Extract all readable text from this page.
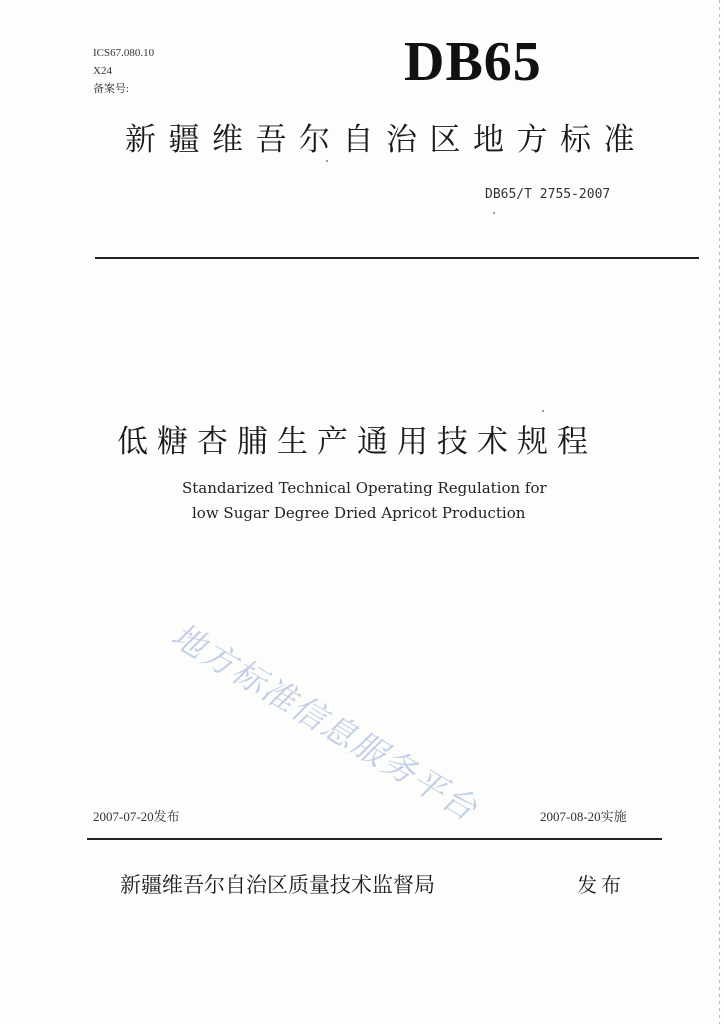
ICS67.080.10
X24
备案号:	DB65
新疆维吾尔自治区地方标准
DB65/T 2755-2007
低糖杏脯生产通用技术规程
Standarized Technical Operating Regulation for
low Sugar Degree Dried Apricot Production
地方标准信息服务平台
2007-07-20发布	2007-08-20实施
新疆维吾尔自治区质量技术监督局	发布
